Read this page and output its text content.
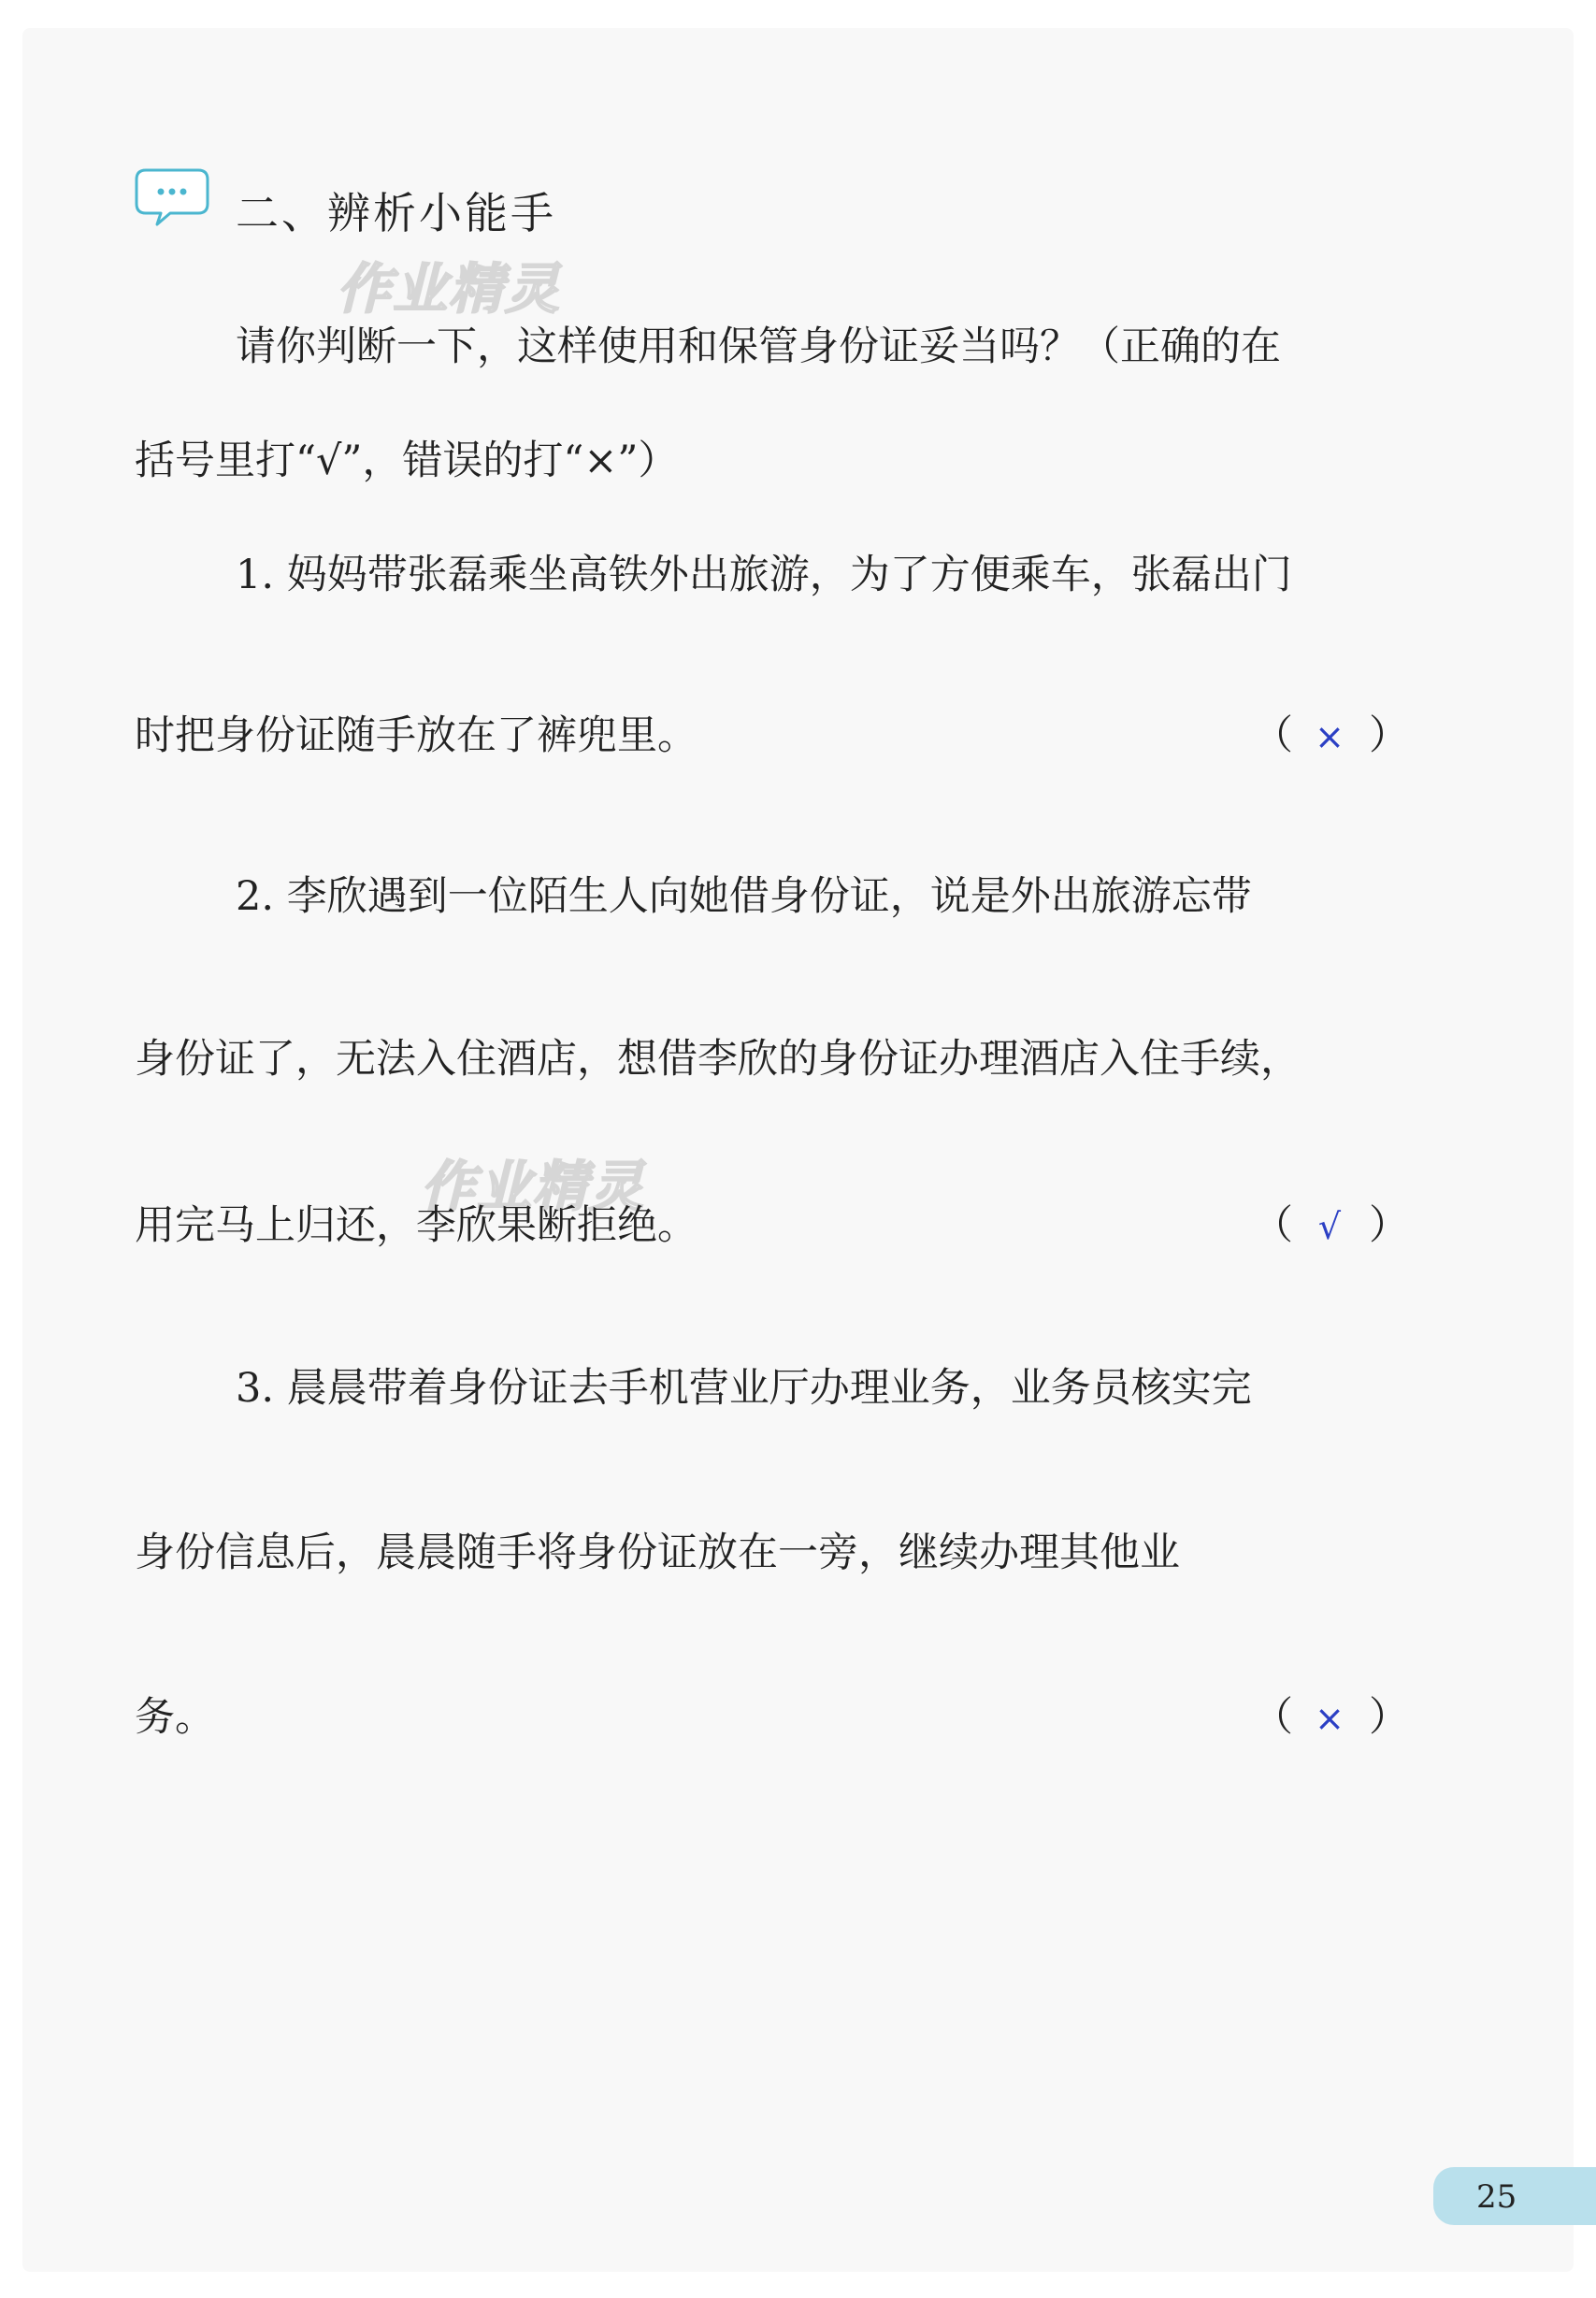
二、辨析小能手
作业精灵
作业精灵
请你判断一下，这样使用和保管身份证妥当吗？（正确的在
括号里打“√”，错误的打“×”）
1. 妈妈带张磊乘坐高铁外出旅游，为了方便乘车，张磊出门
时把身份证随手放在了裤兜里。	（ × ）
2. 李欣遇到一位陌生人向她借身份证，说是外出旅游忘带
身份证了，无法入住酒店，想借李欣的身份证办理酒店入住手续，
用完马上归还，李欣果断拒绝。	（ √ ）
3. 晨晨带着身份证去手机营业厅办理业务，业务员核实完
身份信息后，晨晨随手将身份证放在一旁，继续办理其他业
务。	（ × ）
25
